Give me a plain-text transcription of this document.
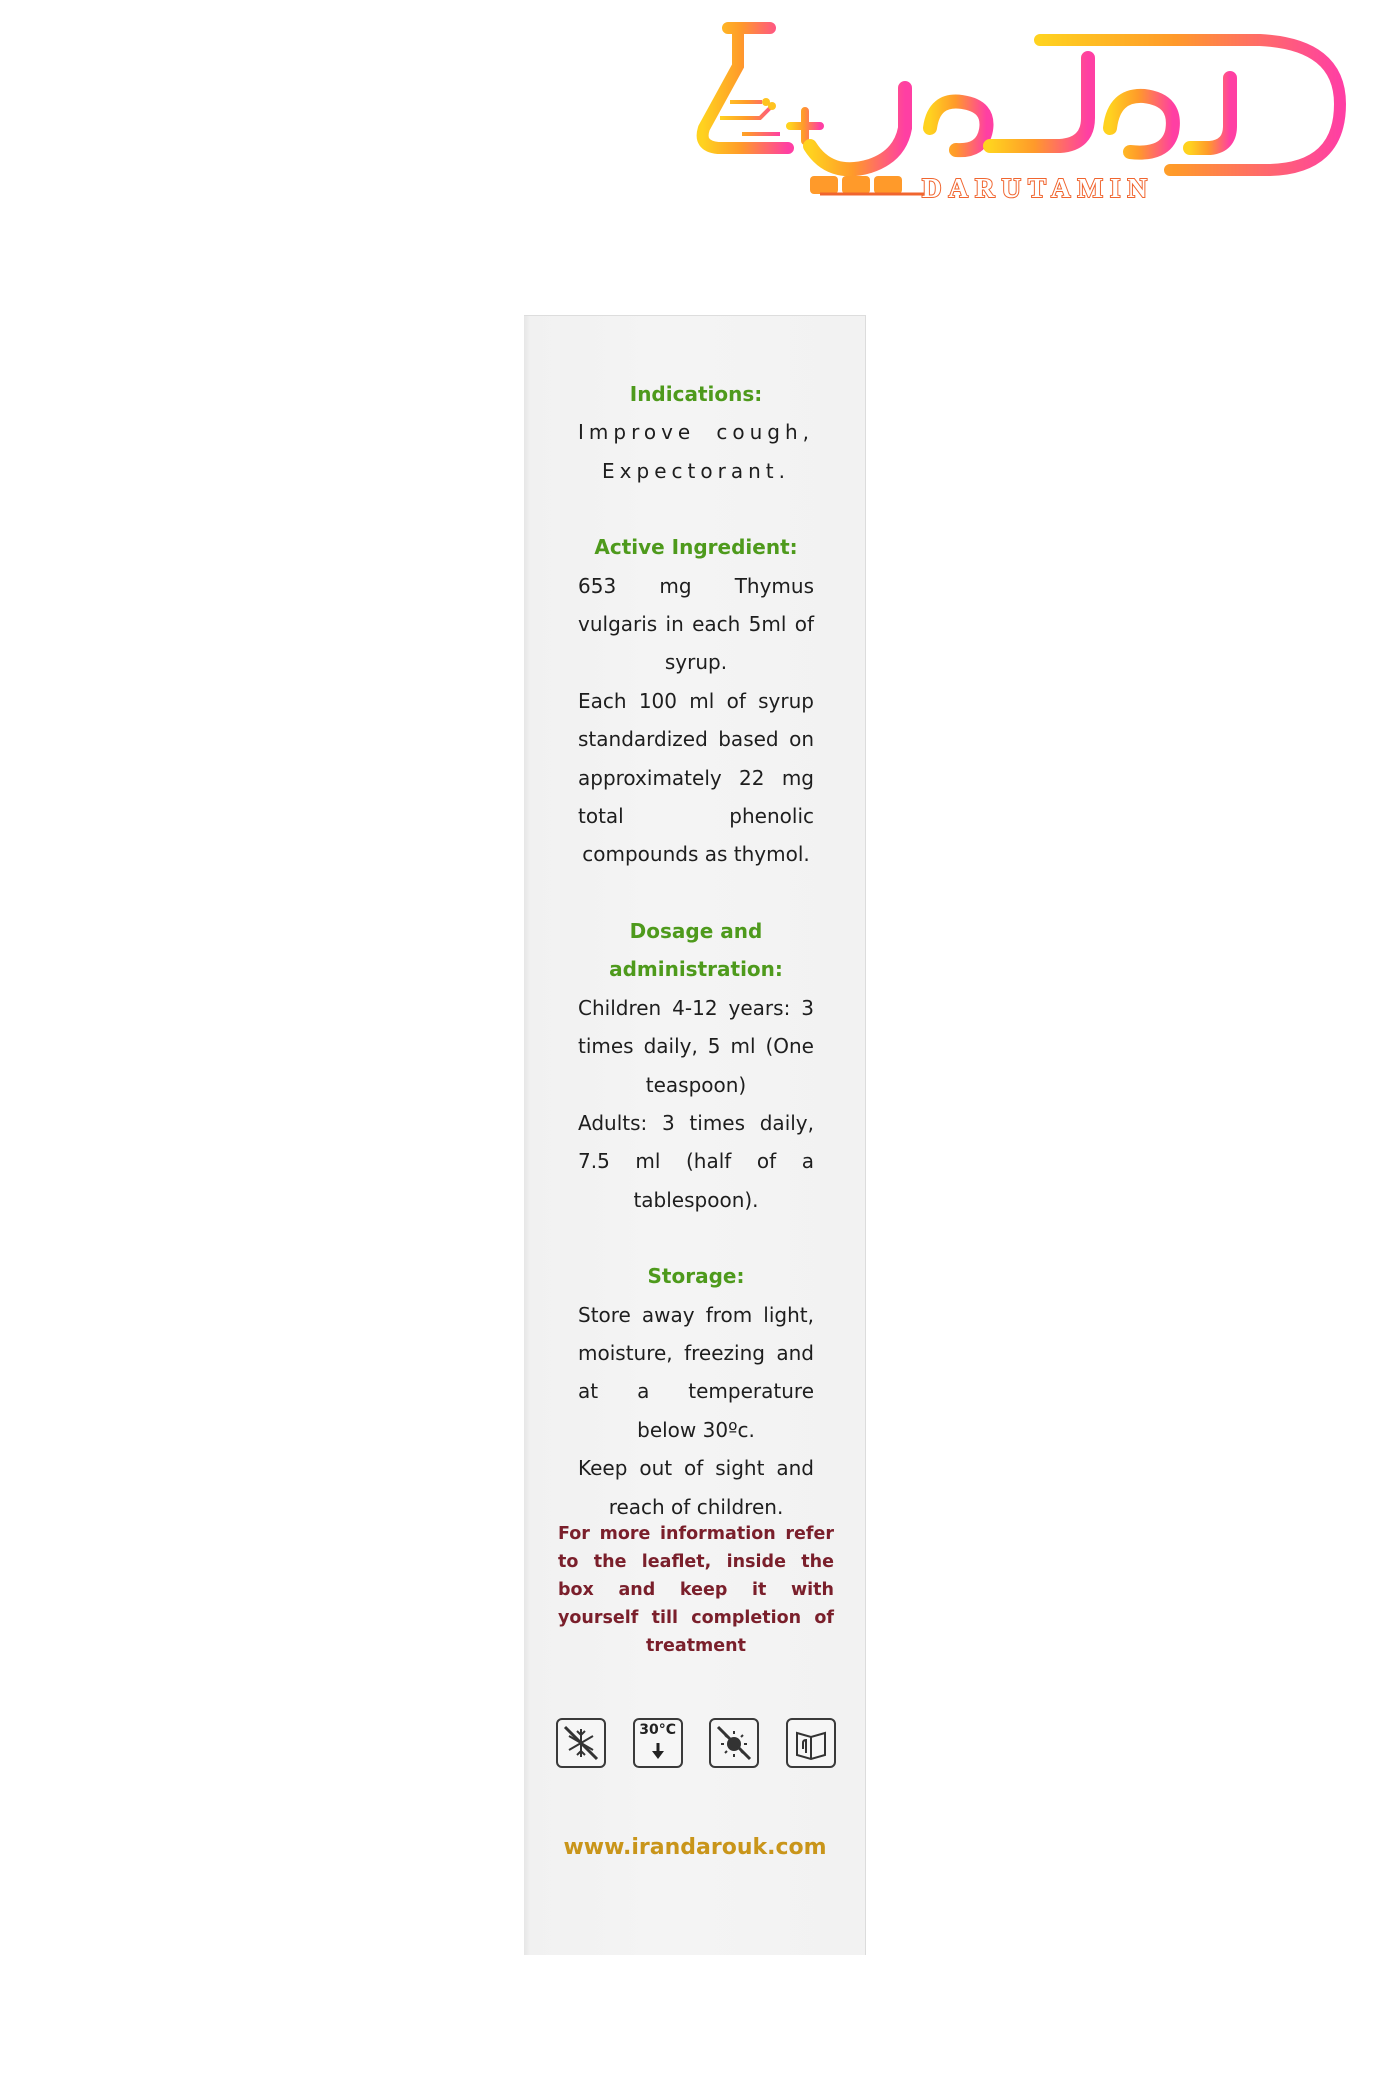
DARUTAMIN

Indications:

Improve cough, Expectorant.

Active Ingredient:

653 mg Thymus vulgaris in each 5ml of syrup.

Each 100 ml of syrup standardized based on approximately 22 mg total phenolic compounds as thymol.

Dosage and administration:

Children 4-12 years: 3 times daily, 5 ml (One teaspoon)

Adults: 3 times daily, 7.5 ml (half of a tablespoon).

Storage:

Store away from light, moisture, freezing and at a temperature below 30ºc.

Keep out of sight and reach of children.

For more information refer to the leaflet, inside the box and keep it with yourself till completion of treatment

30°C
www.irandarouk.com
